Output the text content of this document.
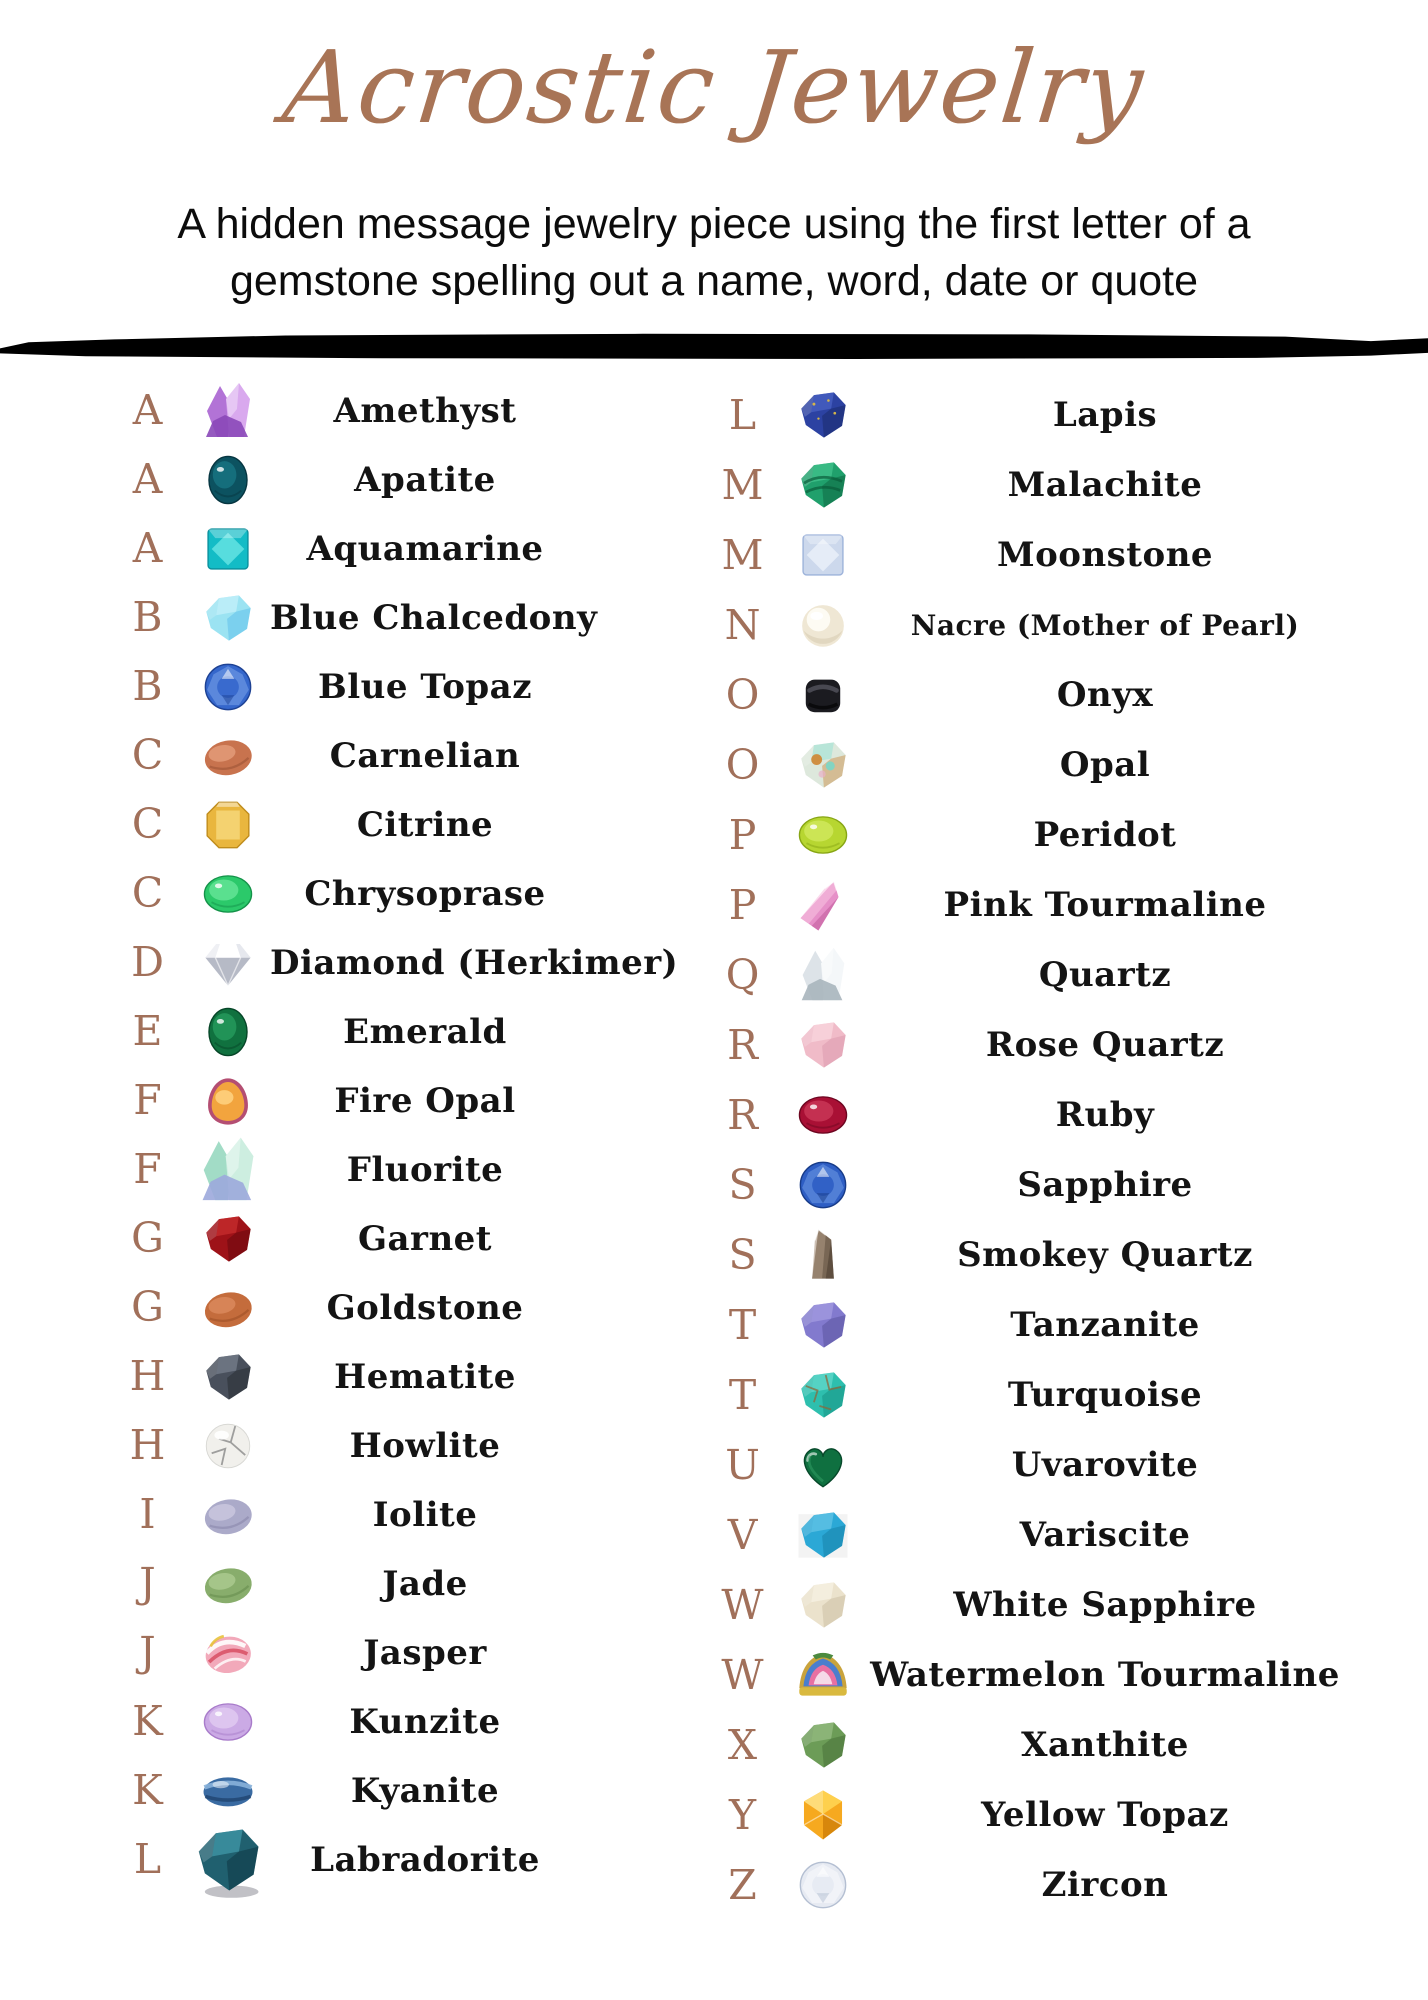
Acrostic Jewelry
A hidden message jewelry piece using the first letter of a
gemstone spelling out a name, word, date or quote
A	Amethyst
A	Apatite
A	Aquamarine
B	Blue Chalcedony
B	Blue Topaz
C	Carnelian
C	Citrine
C	Chrysoprase
D	Diamond (Herkimer)
E	Emerald
F	Fire Opal
F	Fluorite
G	Garnet
G	Goldstone
H	Hematite
H	Howlite
I	Iolite
J	Jade
J	Jasper
K	Kunzite
K	Kyanite
L	Labradorite
L	Lapis
M	Malachite
M	Moonstone
N	Nacre (Mother of Pearl)
O	Onyx
O	Opal
P	Peridot
P	Pink Tourmaline
Q	Quartz
R	Rose Quartz
R	Ruby
S	Sapphire
S	Smokey Quartz
T	Tanzanite
T	Turquoise
U	Uvarovite
V	Variscite
W	White Sapphire
W	Watermelon Tourmaline
X	Xanthite
Y	Yellow Topaz
Z	Zircon
